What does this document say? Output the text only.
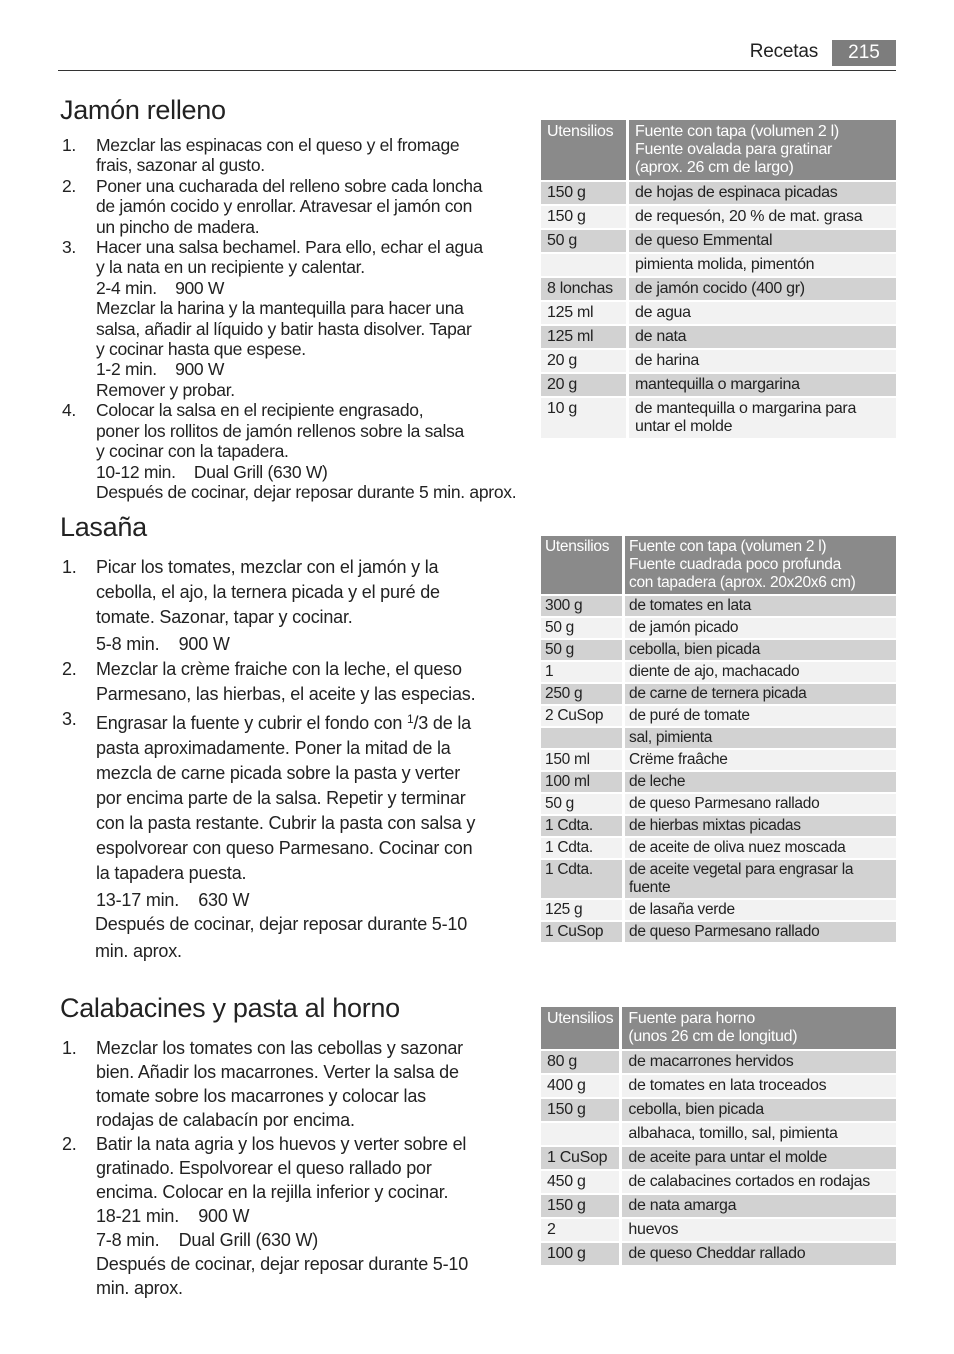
Recetas	215
Jamón relleno
1. Mezclar las espinacas con el queso y el fromage frais, sazonar al gusto.
2. Poner una cucharada del relleno sobre cada loncha de jamón cocido y enrollar. Atravesar el jamón con un pincho de madera.
3. Hacer una salsa bechamel. Para ello, echar el agua y la nata en un recipiente y calentar.
2-4 min.    900 W
Mezclar la harina y la mantequilla para hacer una salsa, añadir al líquido y batir hasta disolver. Tapar y cocinar hasta que espese.
1-2 min.    900 W
Remover y probar.
4. Colocar la salsa en el recipiente engrasado, poner los rollitos de jamón rellenos sobre la salsa y cocinar con la tapadera.
10-12 min.    Dual Grill (630 W)
Después de cocinar, dejar reposar durante 5 min. aprox.
Utensilios	Fuente con tapa (volumen 2 l)
Fuente ovalada para gratinar
(aprox. 26 cm de largo)

150 g	de hojas de espinaca picadas
150 g	de requesón, 20 % de mat. grasa
50 g	de queso Emmental
	pimienta molida, pimentón
8 lonchas	de jamón cocido (400 gr)
125 ml	de agua
125 ml	de nata
20 g	de harina
20 g	mantequilla o margarina
10 g	de mantequilla o margarina para untar el molde
Lasaña
1. Picar los tomates, mezclar con el jamón y la cebolla, el ajo, la ternera picada y el puré de tomate. Sazonar, tapar y cocinar.
5-8 min.    900 W
2. Mezclar la crème fraiche con la leche, el queso Parmesano, las hierbas, el aceite y las especias.
3. Engrasar la fuente y cubrir el fondo con $^1$/3 de la pasta aproximadamente. Poner la mitad de la mezcla de carne picada sobre la pasta y verter por encima parte de la salsa. Repetir y terminar con la pasta restante. Cubrir la pasta con salsa y espolvorear con queso Parmesano. Cocinar con la tapadera puesta.
13-17 min.    630 W
Después de cocinar, dejar reposar durante 5-10 min. aprox.
Utensilios	Fuente con tapa (volumen 2 l)
Fuente cuadrada poco profunda
con tapadera (aprox. 20x20x6 cm)

300 g	de tomates en lata
50 g	de jamón picado
50 g	cebolla, bien picada
1	diente de ajo, machacado
250 g	de carne de ternera picada
2 CuSop	de puré de tomate
	sal, pimienta
150 ml	Crëme fraâche
100 ml	de leche
50 g	de queso Parmesano rallado
1 Cdta.	de hierbas mixtas picadas
1 Cdta.	de aceite de oliva nuez moscada
1 Cdta.	de aceite vegetal para engrasar la fuente
125 g	de lasaña verde
1 CuSop	de queso Parmesano rallado
Calabacines y pasta al horno
1. Mezclar los tomates con las cebollas y sazonar bien. Añadir los macarrones. Verter la salsa de tomate sobre los macarrones y colocar las rodajas de calabacín por encima.
2. Batir la nata agria y los huevos y verter sobre el gratinado. Espolvorear el queso rallado por encima. Colocar en la rejilla inferior y cocinar.
18-21 min.    900 W
7-8 min.    Dual Grill (630 W)
Después de cocinar, dejar reposar durante 5-10 min. aprox.
Utensilios	Fuente para horno
(unos 26 cm de longitud)

80 g	de macarrones hervidos
400 g	de tomates en lata troceados
150 g	cebolla, bien picada
	albahaca, tomillo, sal, pimienta
1 CuSop	de aceite para untar el molde
450 g	de calabacines cortados en rodajas
150 g	de nata amarga
2	huevos
100 g	de queso Cheddar rallado
